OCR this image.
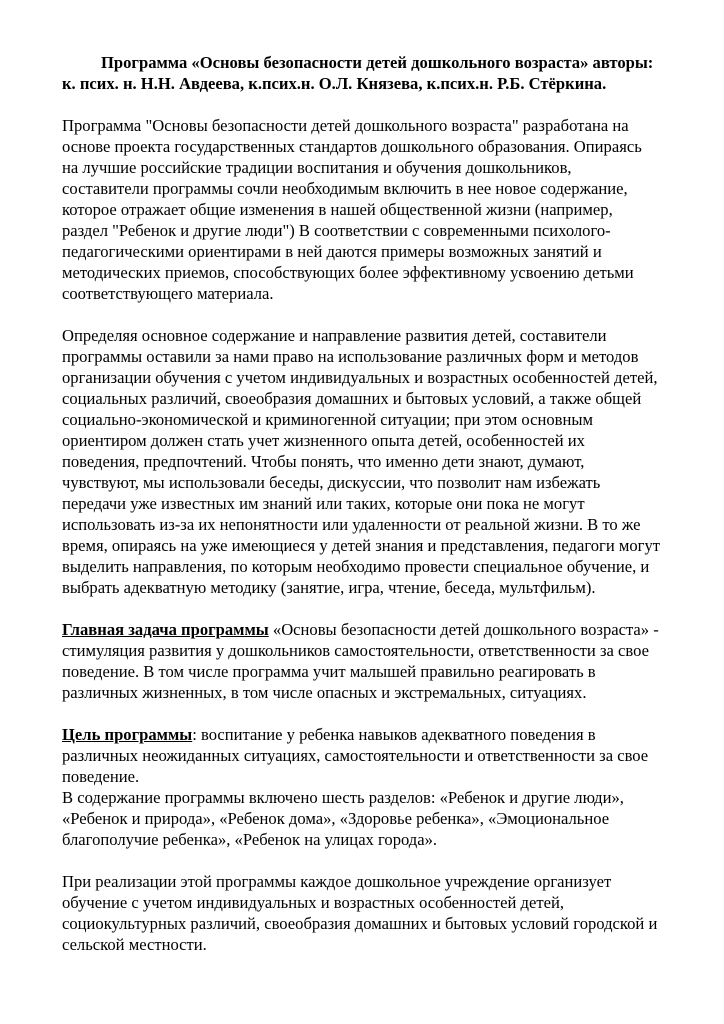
Программа «Основы безопасности детей дошкольного возраста» авторы: к. псих. н. Н.Н. Авдеева, к.псих.н. О.Л. Князева, к.псих.н. Р.Б. Стёркина.

Программа "Основы безопасности детей дошкольного возраста" разработана на основе проекта государственных стандартов дошкольного образования. Опираясь на лучшие российские традиции воспитания и обучения дошкольников, составители программы сочли необходимым включить в нее новое содержание, которое отражает общие изменения в нашей общественной жизни (например, раздел "Ребенок и другие люди") В соответствии с современными психолого-педагогическими ориентирами в ней даются примеры возможных занятий и методических приемов, способствующих более эффективному усвоению детьми соответствующего материала.

Определяя основное содержание и направление развития детей, составители программы оставили за нами право на использование различных форм и методов организации обучения с учетом индивидуальных и возрастных особенностей детей, социальных различий, своеобразия домашних и бытовых условий, а также общей социально-экономической и криминогенной ситуации; при этом основным ориентиром должен стать учет жизненного опыта детей, особенностей их поведения, предпочтений. Чтобы понять, что именно дети знают, думают, чувствуют, мы использовали беседы, дискуссии, что позволит нам избежать передачи уже известных им знаний или таких, которые они пока не могут использовать из-за их непонятности или удаленности от реальной жизни. В то же время, опираясь на уже имеющиеся у детей знания и представления, педагоги могут выделить направления, по которым необходимо провести специальное обучение, и выбрать адекватную методику (занятие, игра, чтение, беседа, мультфильм).

Главная задача программы «Основы безопасности детей дошкольного возраста» - стимуляция развития у дошкольников самостоятельности, ответственности за свое поведение. В том числе программа учит малышей правильно реагировать в различных жизненных, в том числе опасных и экстремальных, ситуациях.

Цель программы: воспитание у ребенка навыков адекватного поведения в различных неожиданных ситуациях, самостоятельности и ответственности за свое поведение.
В содержание программы включено шесть разделов: «Ребенок и другие люди», «Ребенок и природа», «Ребенок дома», «Здоровье ребенка», «Эмоциональное благополучие ребенка», «Ребенок на улицах города».

При реализации этой программы каждое дошкольное учреждение организует обучение с учетом индивидуальных и возрастных особенностей детей, социокультурных различий, своеобразия домашних и бытовых условий городской и сельской местности.
